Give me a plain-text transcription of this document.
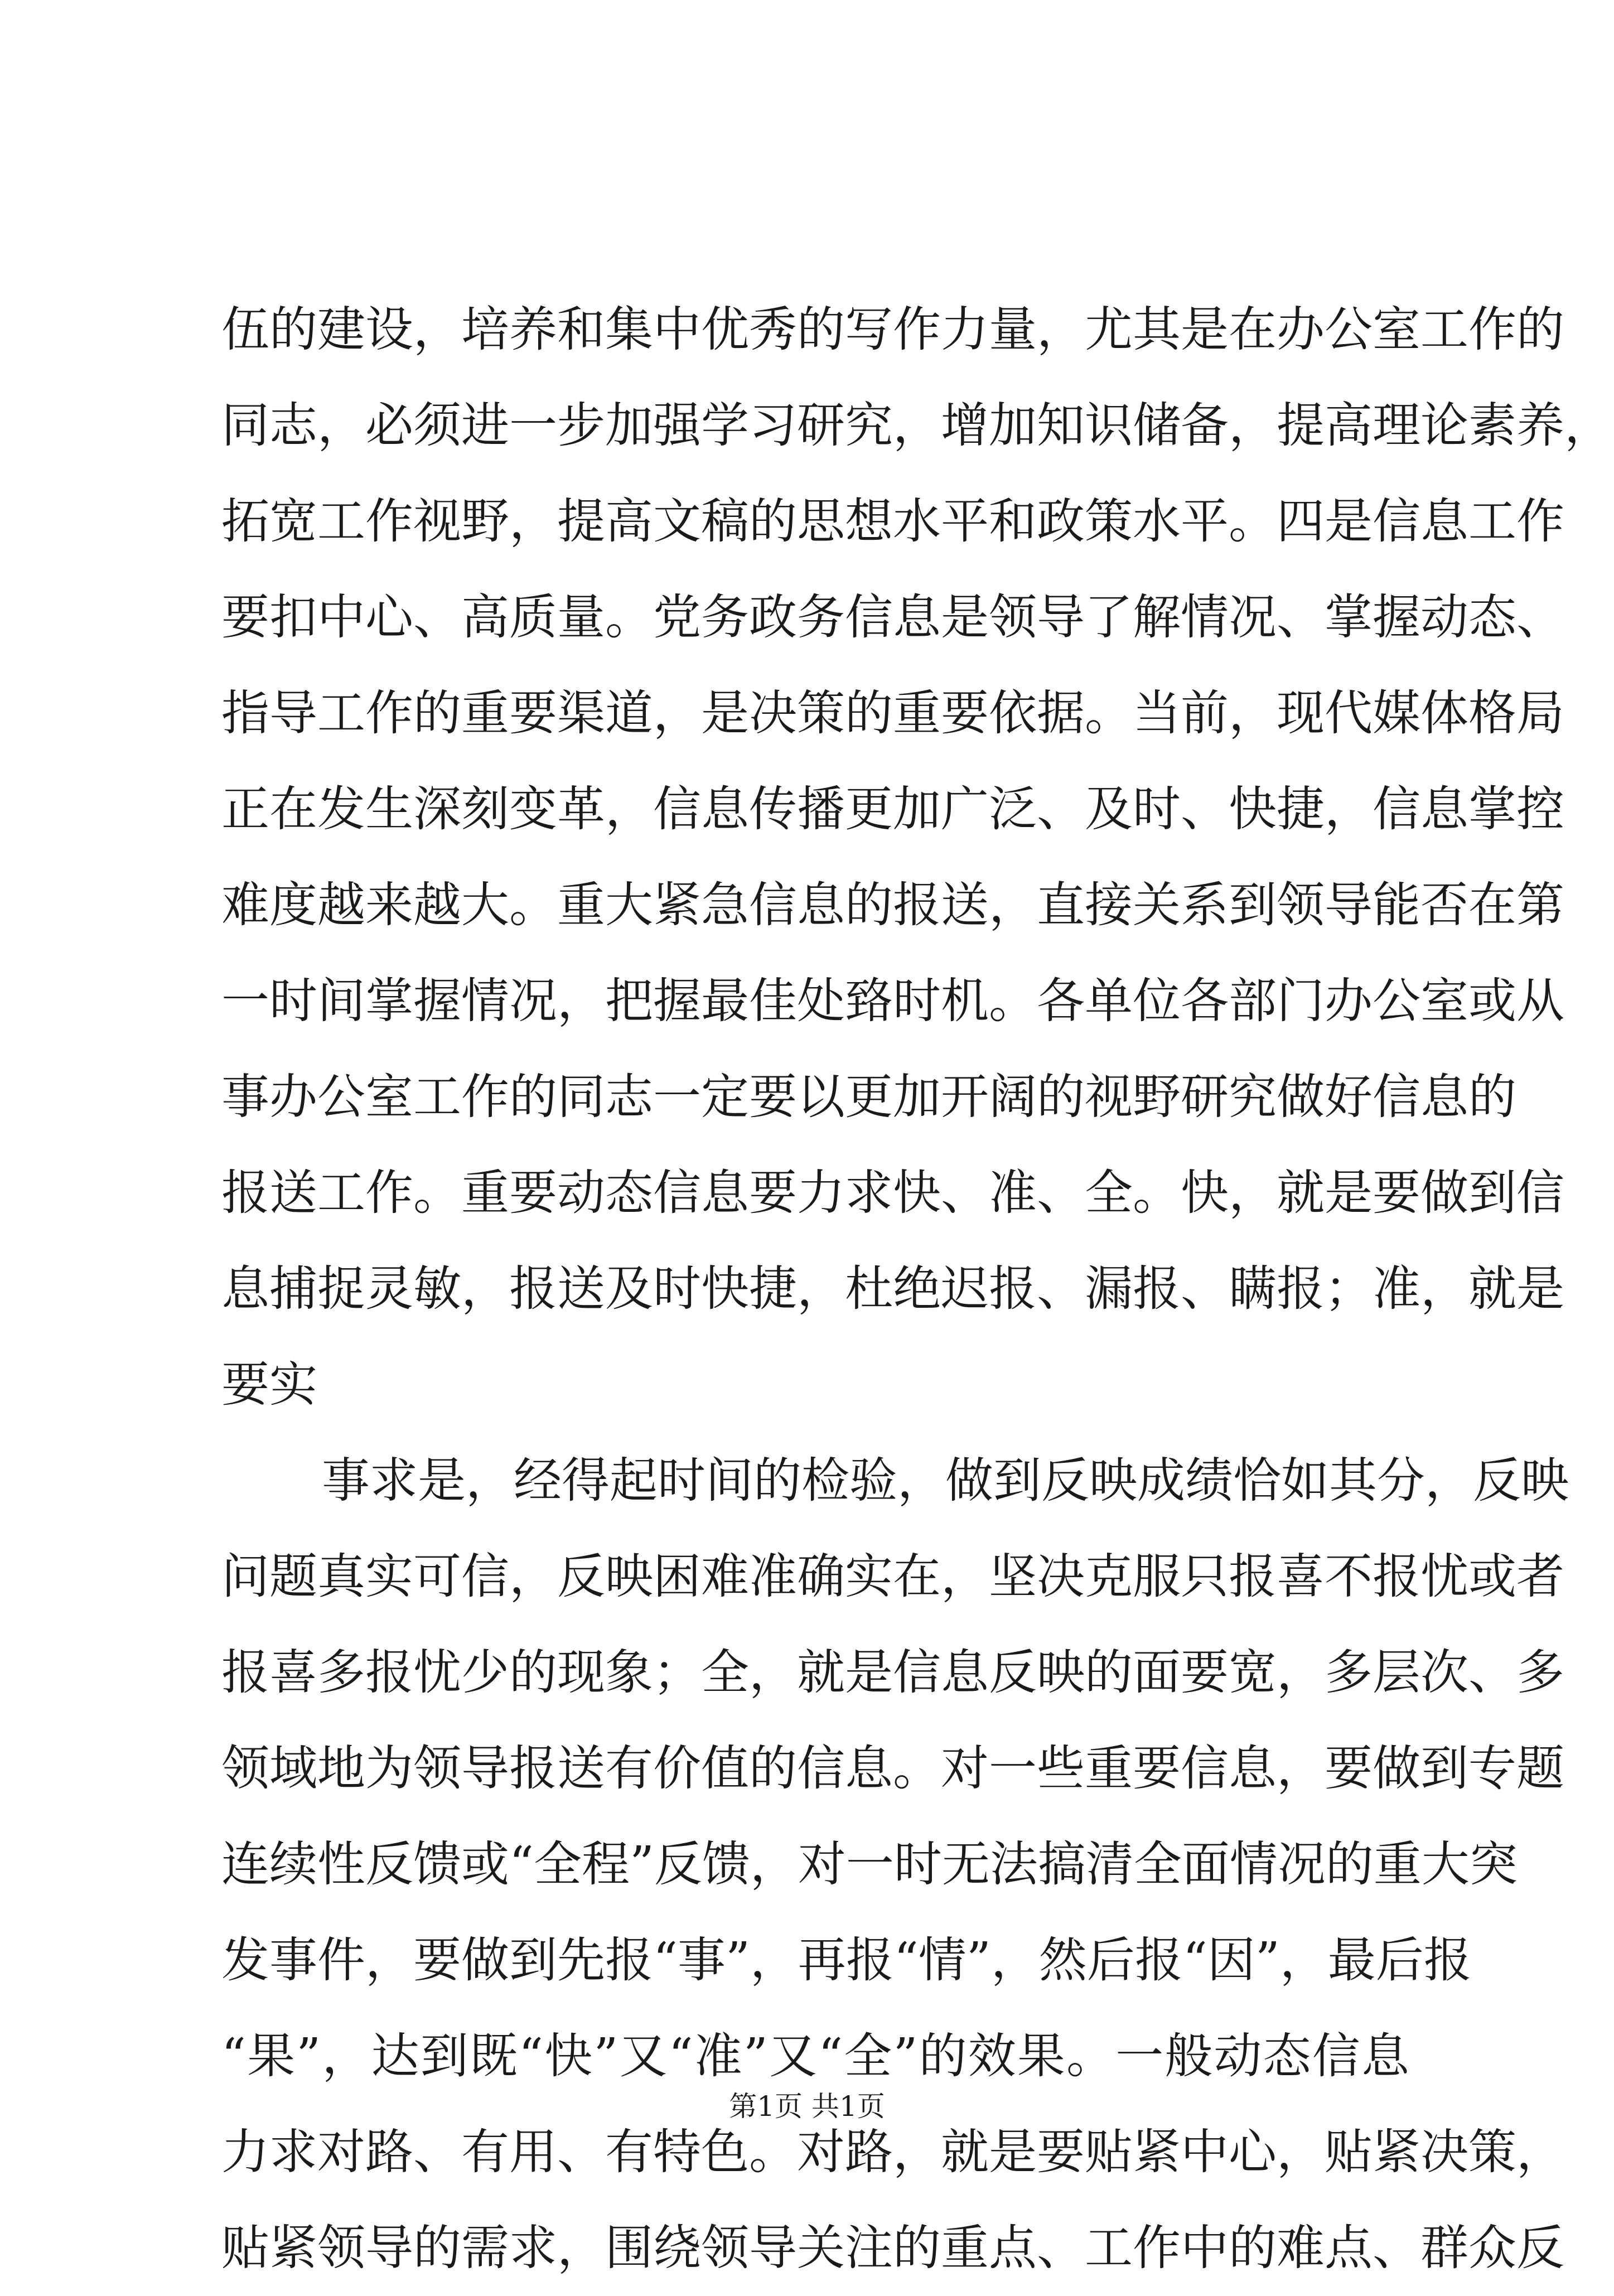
伍的建设，培养和集中优秀的写作力量，尤其是在办公室工作的
同志，必须进一步加强学习研究，增加知识储备，提高理论素养，
拓宽工作视野，提高文稿的思想水平和政策水平。四是信息工作
要扣中心、高质量。党务政务信息是领导了解情况、掌握动态、
指导工作的重要渠道，是决策的重要依据。当前，现代媒体格局
正在发生深刻变革，信息传播更加广泛、及时、快捷，信息掌控
难度越来越大。重大紧急信息的报送，直接关系到领导能否在第
一时间掌握情况，把握最佳处臵时机。各单位各部门办公室或从
事办公室工作的同志一定要以更加开阔的视野研究做好信息的
报送工作。重要动态信息要力求快、准、全。快，就是要做到信
息捕捉灵敏，报送及时快捷，杜绝迟报、漏报、瞒报；准，就是
要实
事求是，经得起时间的检验，做到反映成绩恰如其分，反映
问题真实可信，反映困难准确实在，坚决克服只报喜不报忧或者
报喜多报忧少的现象；全，就是信息反映的面要宽，多层次、多
领域地为领导报送有价值的信息。对一些重要信息，要做到专题
连续性反馈或“全程”反馈，对一时无法搞清全面情况的重大突
发事件，要做到先报“事”，再报“情”，然后报“因”，最后报
“果”，达到既“快”又“准”又“全”的效果。一般动态信息
力求对路、有用、有特色。对路，就是要贴紧中心，贴紧决策，
贴紧领导的需求，围绕领导关注的重点、工作中的难点、群众反
第1页 共1页
